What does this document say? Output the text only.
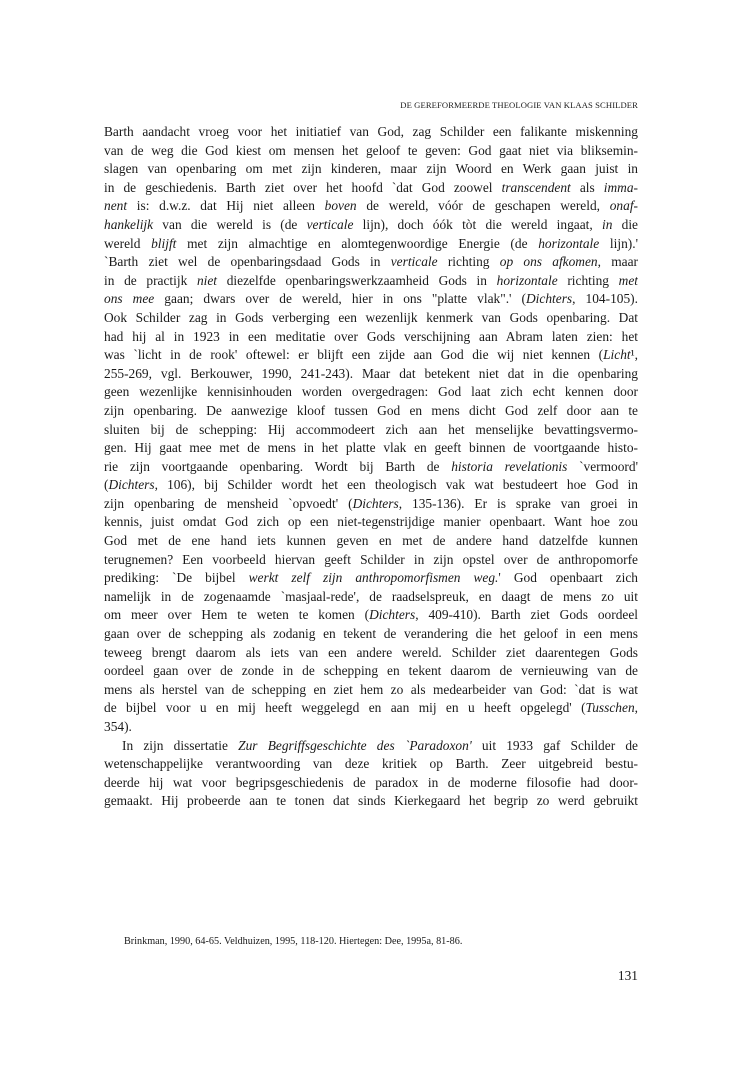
DE GEREFORMEERDE THEOLOGIE VAN KLAAS SCHILDER
Barth aandacht vroeg voor het initiatief van God, zag Schilder een falikante miskenning
van de weg die God kiest om mensen het geloof te geven: God gaat niet via bliksemin-
slagen van openbaring om met zijn kinderen, maar zijn Woord en Werk gaan juist in
in de geschiedenis. Barth ziet over het hoofd `dat God zoowel transcendent als imma-
nent is: d.w.z. dat Hij niet alleen boven de wereld, vóór de geschapen wereld, onaf-
hankelijk van die wereld is (de verticale lijn), doch óók tòt die wereld ingaat, in die
wereld blijft met zijn almachtige en alomtegenwoordige Energie (de horizontale lijn).'
`Barth ziet wel de openbaringsdaad Gods in verticale richting op ons afkomen, maar
in de practijk niet diezelfde openbaringswerkzaamheid Gods in horizontale richting met
ons mee gaan; dwars over de wereld, hier in ons "platte vlak".' (Dichters, 104-105).
Ook Schilder zag in Gods verberging een wezenlijk kenmerk van Gods openbaring. Dat
had hij al in 1923 in een meditatie over Gods verschijning aan Abram laten zien: het
was `licht in de rook' oftewel: er blijft een zijde aan God die wij niet kennen (Licht¹,
255-269, vgl. Berkouwer, 1990, 241-243). Maar dat betekent niet dat in die openbaring
geen wezenlijke kennisinhouden worden overgedragen: God laat zich echt kennen door
zijn openbaring. De aanwezige kloof tussen God en mens dicht God zelf door aan te
sluiten bij de schepping: Hij accommodeert zich aan het menselijke bevattingsvermo-
gen. Hij gaat mee met de mens in het platte vlak en geeft binnen de voortgaande histo-
rie zijn voortgaande openbaring. Wordt bij Barth de historia revelationis `vermoord'
(Dichters, 106), bij Schilder wordt het een theologisch vak wat bestudeert hoe God in
zijn openbaring de mensheid `opvoedt' (Dichters, 135-136). Er is sprake van groei in
kennis, juist omdat God zich op een niet-tegenstrijdige manier openbaart. Want hoe zou
God met de ene hand iets kunnen geven en met de andere hand datzelfde kunnen
terugnemen? Een voorbeeld hiervan geeft Schilder in zijn opstel over de anthropomorfe
prediking: `De bijbel werkt zelf zijn anthropomorfismen weg.' God openbaart zich
namelijk in de zogenaamde `masjaal-rede', de raadselspreuk, en daagt de mens zo uit
om meer over Hem te weten te komen (Dichters, 409-410). Barth ziet Gods oordeel
gaan over de schepping als zodanig en tekent de verandering die het geloof in een mens
teweeg brengt daarom als iets van een andere wereld. Schilder ziet daarentegen Gods
oordeel gaan over de zonde in de schepping en tekent daarom de vernieuwing van de
mens als herstel van de schepping en ziet hem zo als medearbeider van God: `dat is wat
de bijbel voor u en mij heeft weggelegd en aan mij en u heeft opgelegd' (Tusschen,
354).
In zijn dissertatie Zur Begriffsgeschichte des `Paradoxon' uit 1933 gaf Schilder de
wetenschappelijke verantwoording van deze kritiek op Barth. Zeer uitgebreid bestu-
deerde hij wat voor begripsgeschiedenis de paradox in de moderne filosofie had door-
gemaakt. Hij probeerde aan te tonen dat sinds Kierkegaard het begrip zo werd gebruikt
Brinkman, 1990, 64-65. Veldhuizen, 1995, 118-120. Hiertegen: Dee, 1995a, 81-86.
131
